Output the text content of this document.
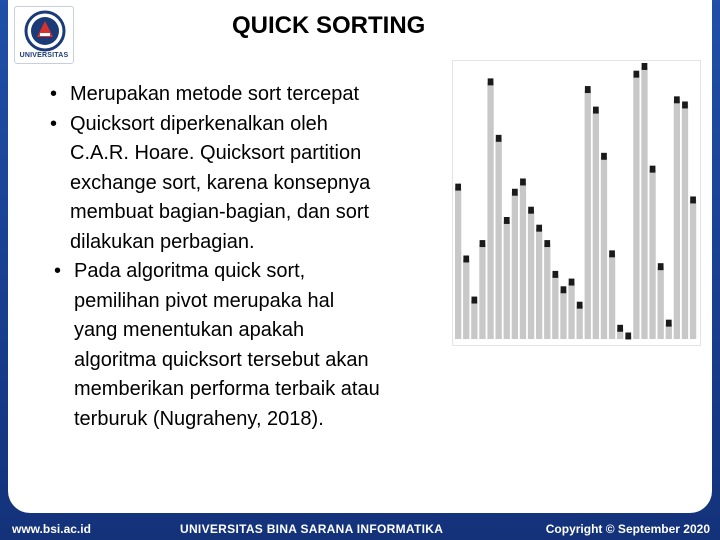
UNIVERSITAS
QUICK SORTING
• Merupakan metode sort tercepat
• Quicksort diperkenalkan oleh
C.A.R. Hoare. Quicksort partition
exchange sort, karena konsepnya
membuat bagian-bagian, dan sort
dilakukan perbagian.
• Pada algoritma quick sort,
pemilihan pivot merupaka hal
yang menentukan apakah
algoritma quicksort tersebut akan
memberikan performa terbaik atau
terburuk (Nugraheny, 2018).
www.bsi.ac.id	UNIVERSITAS BINA SARANA INFORMATIKA	Copyright © September 2020
